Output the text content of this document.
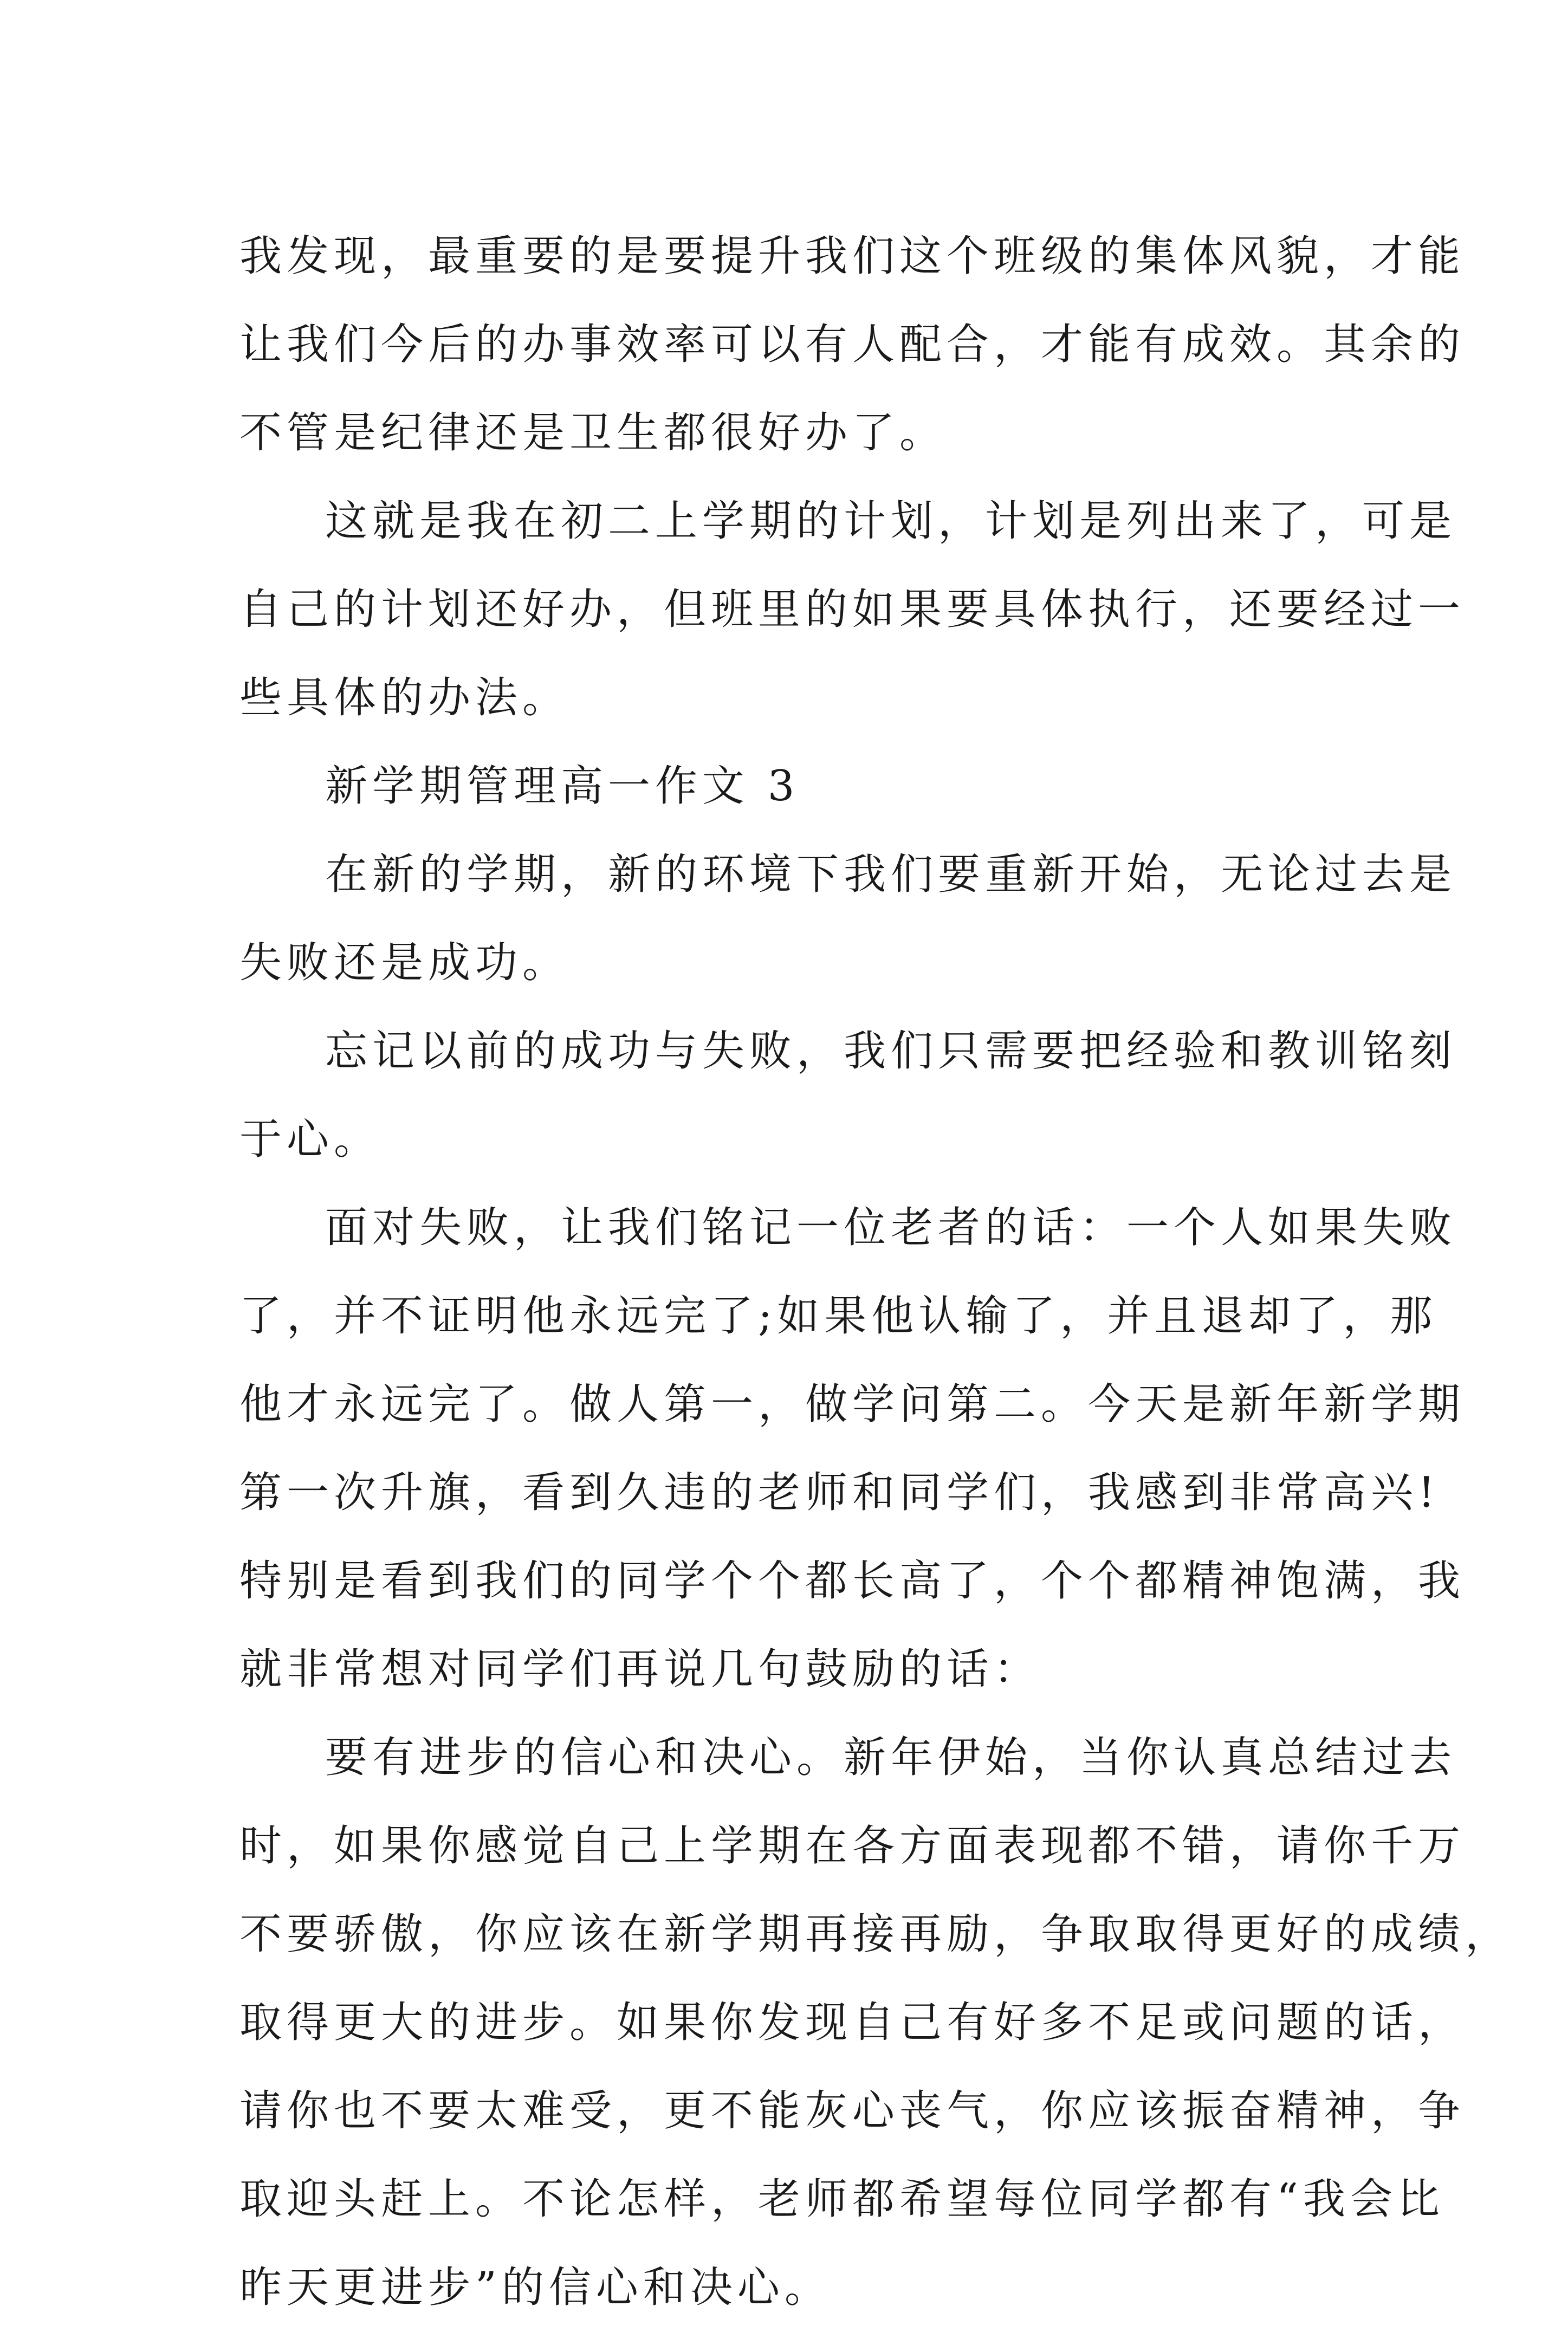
我发现，最重要的是要提升我们这个班级的集体风貌，才能
让我们今后的办事效率可以有人配合，才能有成效。其余的
不管是纪律还是卫生都很好办了。
这就是我在初二上学期的计划，计划是列出来了，可是
自己的计划还好办，但班里的如果要具体执行，还要经过一
些具体的办法。
新学期管理高一作文 3
在新的学期，新的环境下我们要重新开始，无论过去是
失败还是成功。
忘记以前的成功与失败，我们只需要把经验和教训铭刻
于心。
面对失败，让我们铭记一位老者的话：一个人如果失败
了，并不证明他永远完了;如果他认输了，并且退却了，那
他才永远完了。做人第一，做学问第二。今天是新年新学期
第一次升旗，看到久违的老师和同学们，我感到非常高兴!
特别是看到我们的同学个个都长高了，个个都精神饱满，我
就非常想对同学们再说几句鼓励的话：
要有进步的信心和决心。新年伊始，当你认真总结过去
时，如果你感觉自己上学期在各方面表现都不错，请你千万
不要骄傲，你应该在新学期再接再励，争取取得更好的成绩，
取得更大的进步。如果你发现自己有好多不足或问题的话，
请你也不要太难受，更不能灰心丧气，你应该振奋精神，争
取迎头赶上。不论怎样，老师都希望每位同学都有“我会比
昨天更进步”的信心和决心。
